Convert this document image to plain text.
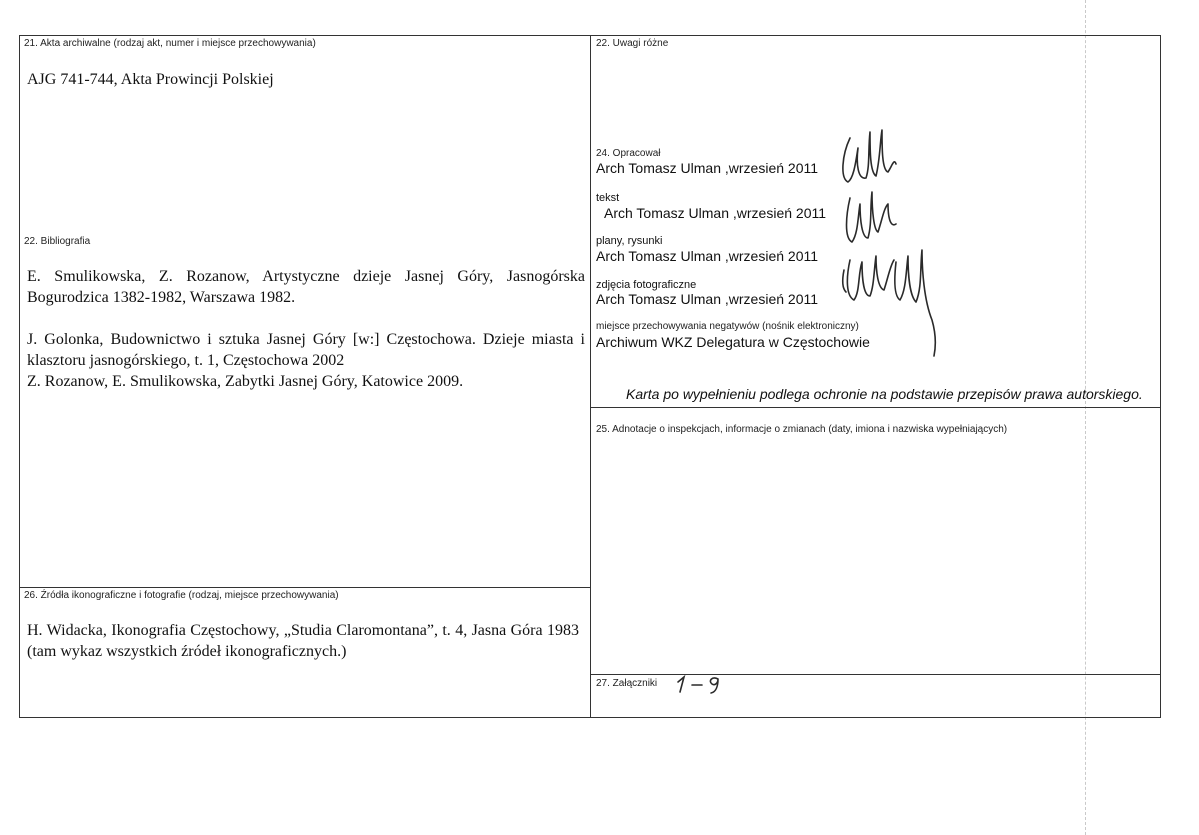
21. Akta archiwalne (rodzaj akt, numer i miejsce przechowywania)
AJG 741-744, Akta Prowincji Polskiej
22. Bibliografia
E. Smulikowska, Z. Rozanow, Artystyczne dzieje Jasnej Góry, Jasnogórska Bogurodzica 1382-1982, Warszawa 1982.
J. Golonka, Budownictwo i sztuka Jasnej Góry [w:] Częstochowa. Dzieje miasta i klasztoru jasnogórskiego, t. 1, Częstochowa 2002
Z. Rozanow, E. Smulikowska, Zabytki Jasnej Góry, Katowice 2009.
26. Źródła ikonograficzne i fotografie (rodzaj, miejsce przechowywania)
H. Widacka, Ikonografia Częstochowy, „Studia Claromontana”, t. 4, Jasna Góra 1983 (tam wykaz wszystkich źródeł ikonograficznych.)
22. Uwagi różne
24. Opracował
Arch Tomasz Ulman ,wrzesień 2011
tekst
Arch Tomasz Ulman ,wrzesień 2011
plany, rysunki
Arch Tomasz Ulman ,wrzesień 2011
zdjęcia fotograficzne
Arch Tomasz Ulman ,wrzesień 2011
miejsce przechowywania negatywów (nośnik elektroniczny)
Archiwum WKZ Delegatura w Częstochowie
Karta po wypełnieniu podlega ochronie na podstawie przepisów prawa autorskiego.
25. Adnotacje o inspekcjach, informacje o zmianach (daty, imiona i nazwiska wypełniających)
27. Załączniki
